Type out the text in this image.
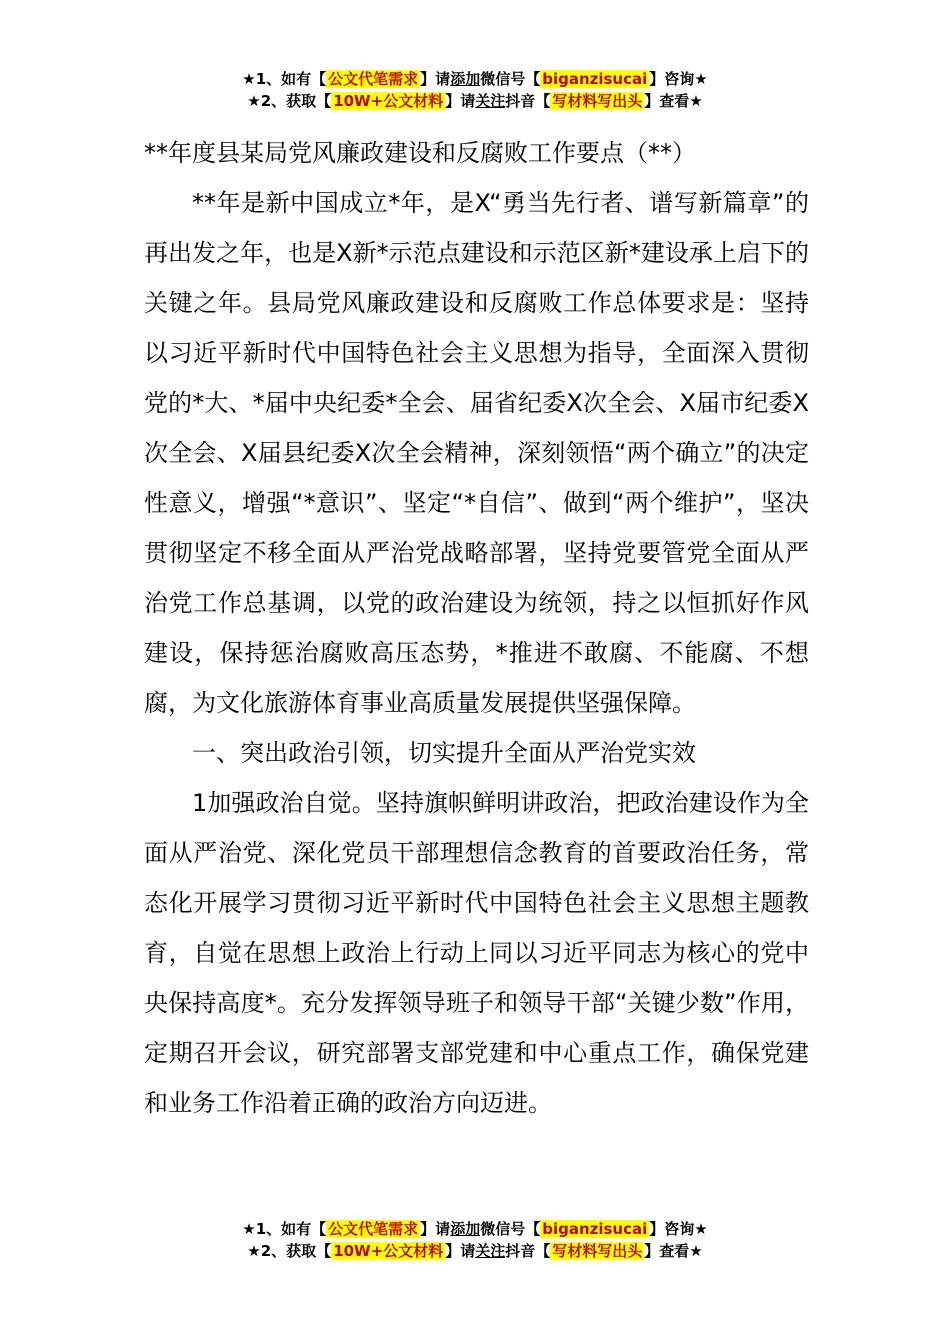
★1、如有【 公文代笔需求 】请添加微信号【 biganzisucai 】咨询★
★2、获取【 10W+公文材料 】请关注抖音【 写材料写出头 】查看★

**年度县某局党风廉政建设和反腐败工作要点（**）

**年是新中国成立*年，是X“勇当先行者、谱写新篇章”的再出发之年，也是X新*示范点建设和示范区新*建设承上启下的关键之年。县局党风廉政建设和反腐败工作总体要求是：坚持以习近平新时代中国特色社会主义思想为指导，全面深入贯彻党的*大、*届中央纪委*全会、届省纪委X次全会、X届市纪委X次全会、X届县纪委X次全会精神，深刻领悟“两个确立”的决定性意义，增强“*意识”、坚定“*自信”、做到“两个维护”，坚决贯彻坚定不移全面从严治党战略部署，坚持党要管党全面从严治党工作总基调，以党的政治建设为统领，持之以恒抓好作风建设，保持惩治腐败高压态势，*推进不敢腐、不能腐、不想腐，为文化旅游体育事业高质量发展提供坚强保障。

一、突出政治引领，切实提升全面从严治党实效

1加强政治自觉。坚持旗帜鲜明讲政治，把政治建设作为全面从严治党、深化党员干部理想信念教育的首要政治任务，常态化开展学习贯彻习近平新时代中国特色社会主义思想主题教育，自觉在思想上政治上行动上同以习近平同志为核心的党中央保持高度*。充分发挥领导班子和领导干部“关键少数”作用，定期召开会议，研究部署支部党建和中心重点工作，确保党建和业务工作沿着正确的政治方向迈进。

★1、如有【 公文代笔需求 】请添加微信号【 biganzisucai 】咨询★
★2、获取【 10W+公文材料 】请关注抖音【 写材料写出头 】查看★
